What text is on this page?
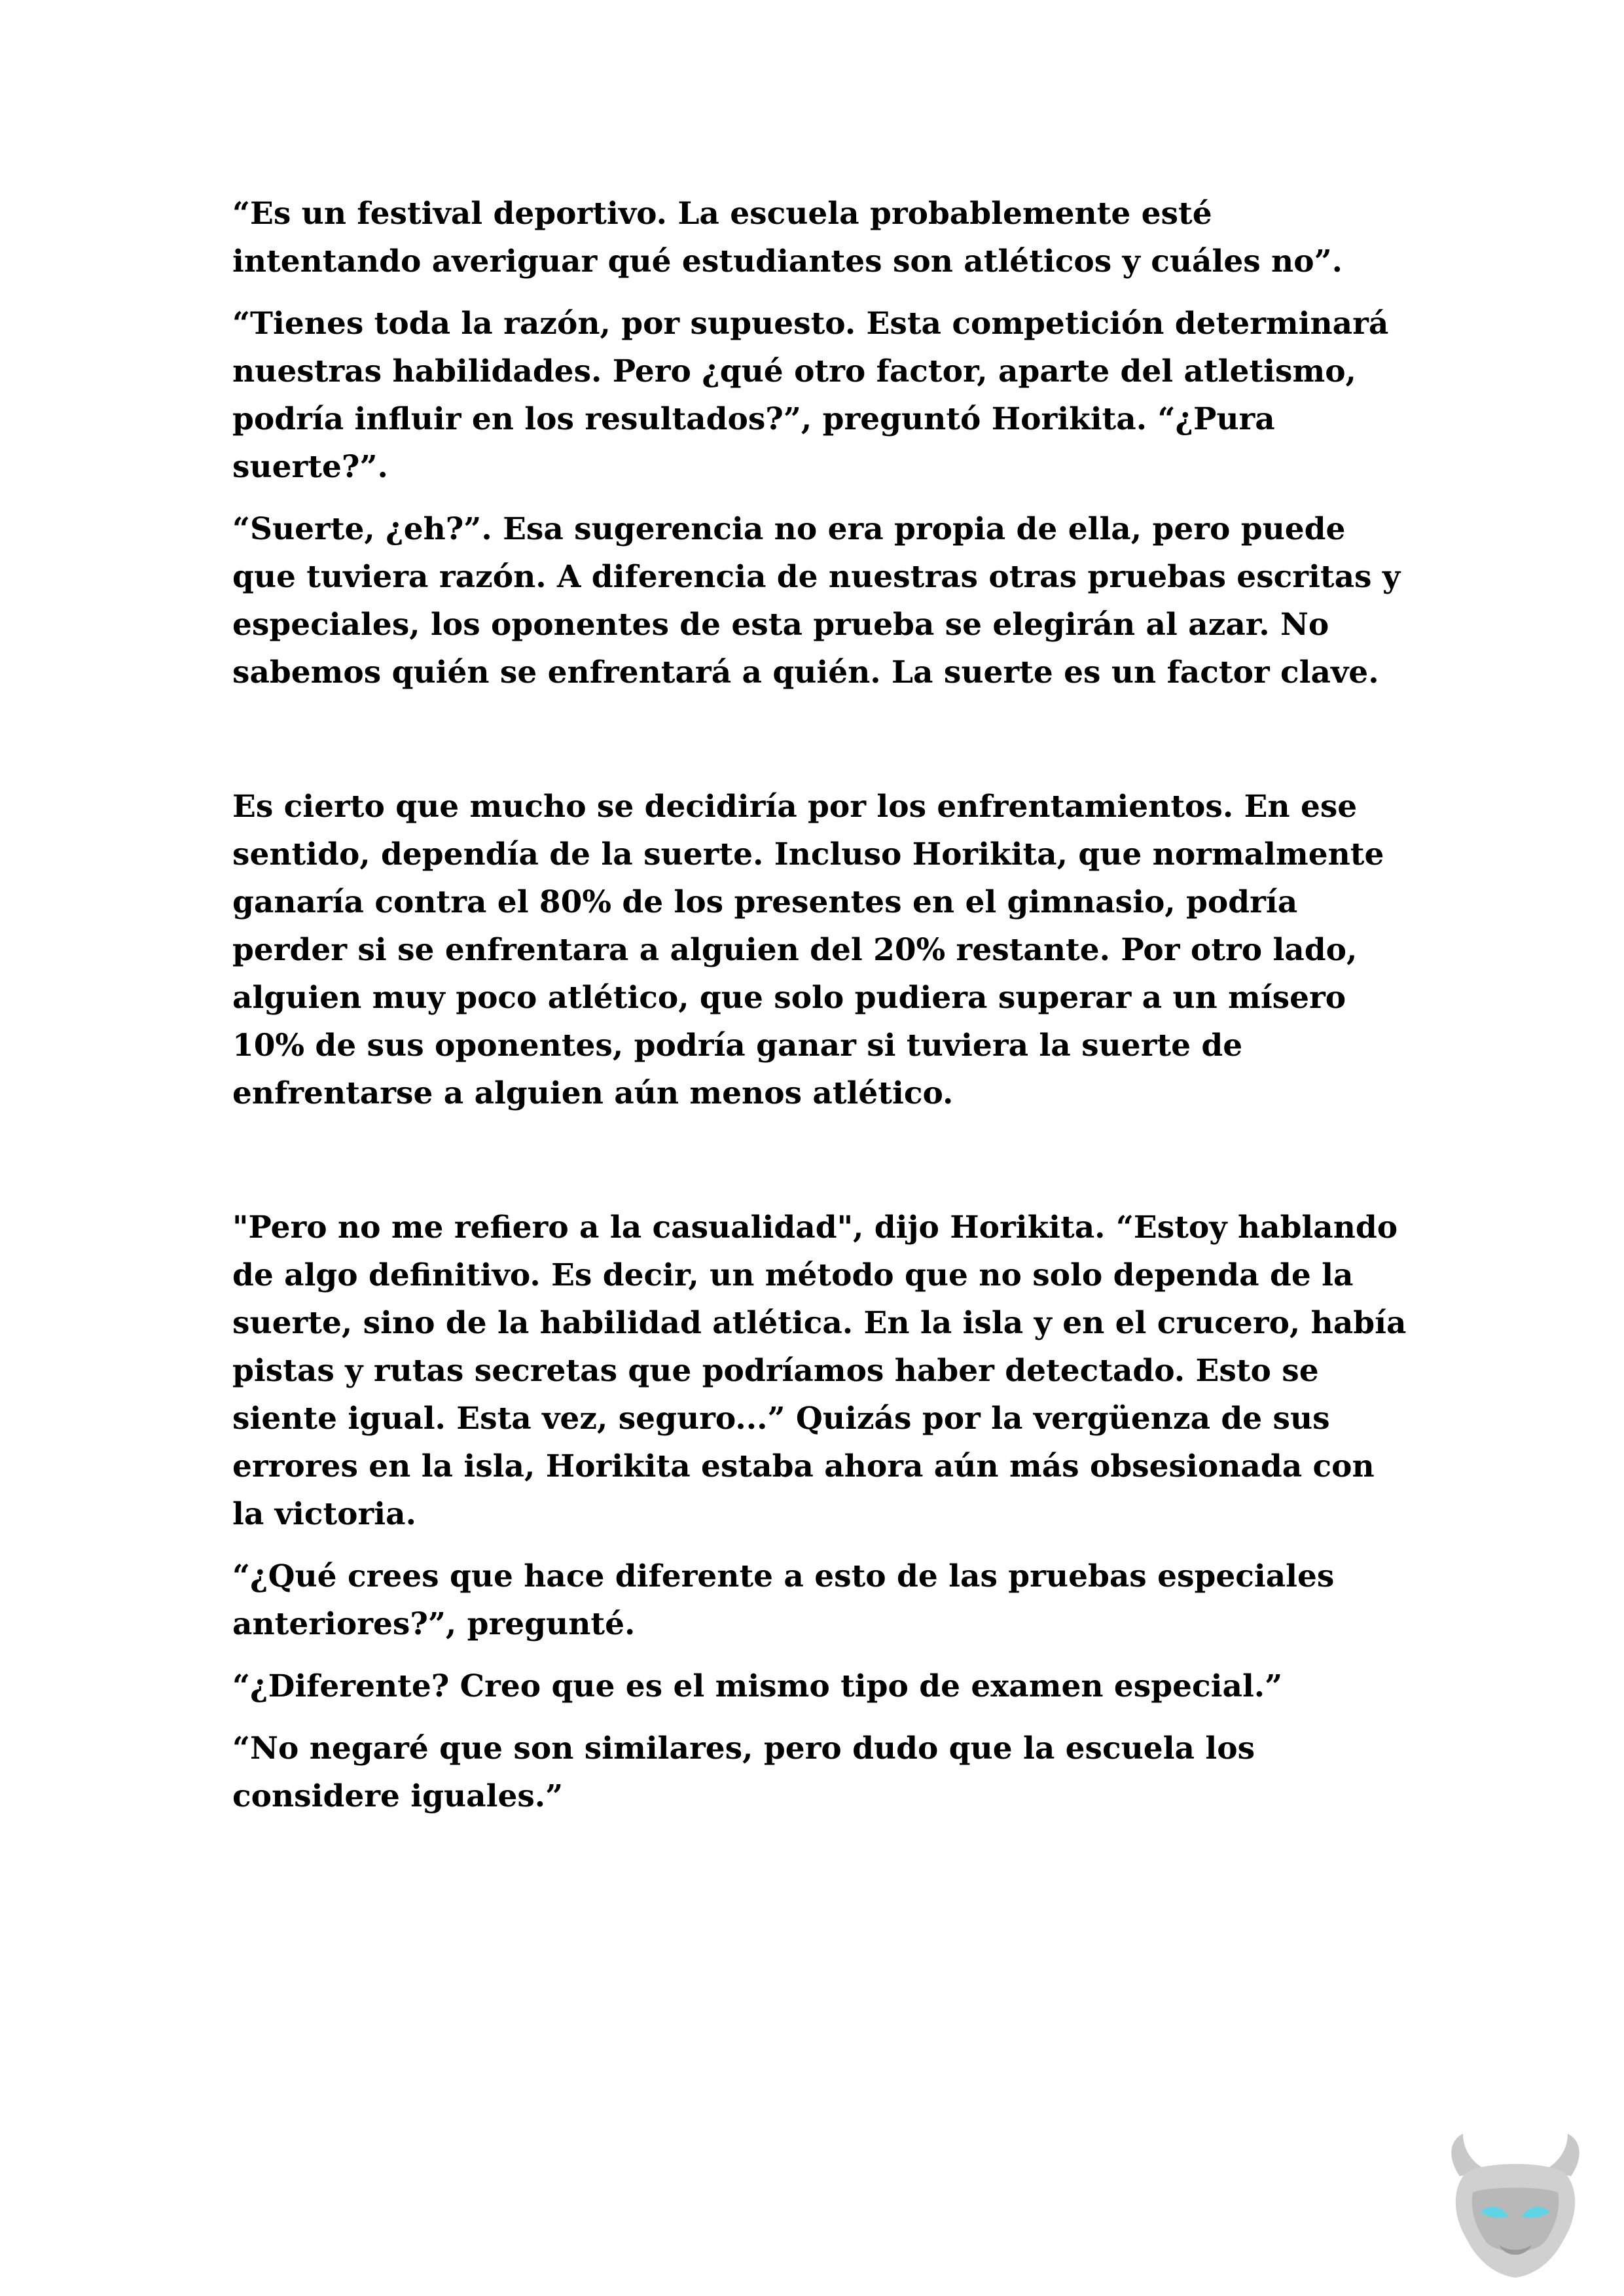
“Es un festival deportivo. La escuela probablemente esté intentando averiguar qué estudiantes son atléticos y cuáles no”.

“Tienes toda la razón, por supuesto. Esta competición determinará nuestras habilidades. Pero ¿qué otro factor, aparte del atletismo, podría influir en los resultados?”, preguntó Horikita. “¿Pura suerte?”.

“Suerte, ¿eh?”. Esa sugerencia no era propia de ella, pero puede que tuviera razón. A diferencia de nuestras otras pruebas escritas y especiales, los oponentes de esta prueba se elegirán al azar. No sabemos quién se enfrentará a quién. La suerte es un factor clave.

Es cierto que mucho se decidiría por los enfrentamientos. En ese sentido, dependía de la suerte. Incluso Horikita, que normalmente ganaría contra el 80% de los presentes en el gimnasio, podría perder si se enfrentara a alguien del 20% restante. Por otro lado, alguien muy poco atlético, que solo pudiera superar a un mísero 10% de sus oponentes, podría ganar si tuviera la suerte de enfrentarse a alguien aún menos atlético.

"Pero no me refiero a la casualidad", dijo Horikita. “Estoy hablando de algo definitivo. Es decir, un método que no solo dependa de la suerte, sino de la habilidad atlética. En la isla y en el crucero, había pistas y rutas secretas que podríamos haber detectado. Esto se siente igual. Esta vez, seguro...” Quizás por la vergüenza de sus errores en la isla, Horikita estaba ahora aún más obsesionada con la victoria.

“¿Qué crees que hace diferente a esto de las pruebas especiales anteriores?”, pregunté.

“¿Diferente? Creo que es el mismo tipo de examen especial.”

“No negaré que son similares, pero dudo que la escuela los considere iguales.”
